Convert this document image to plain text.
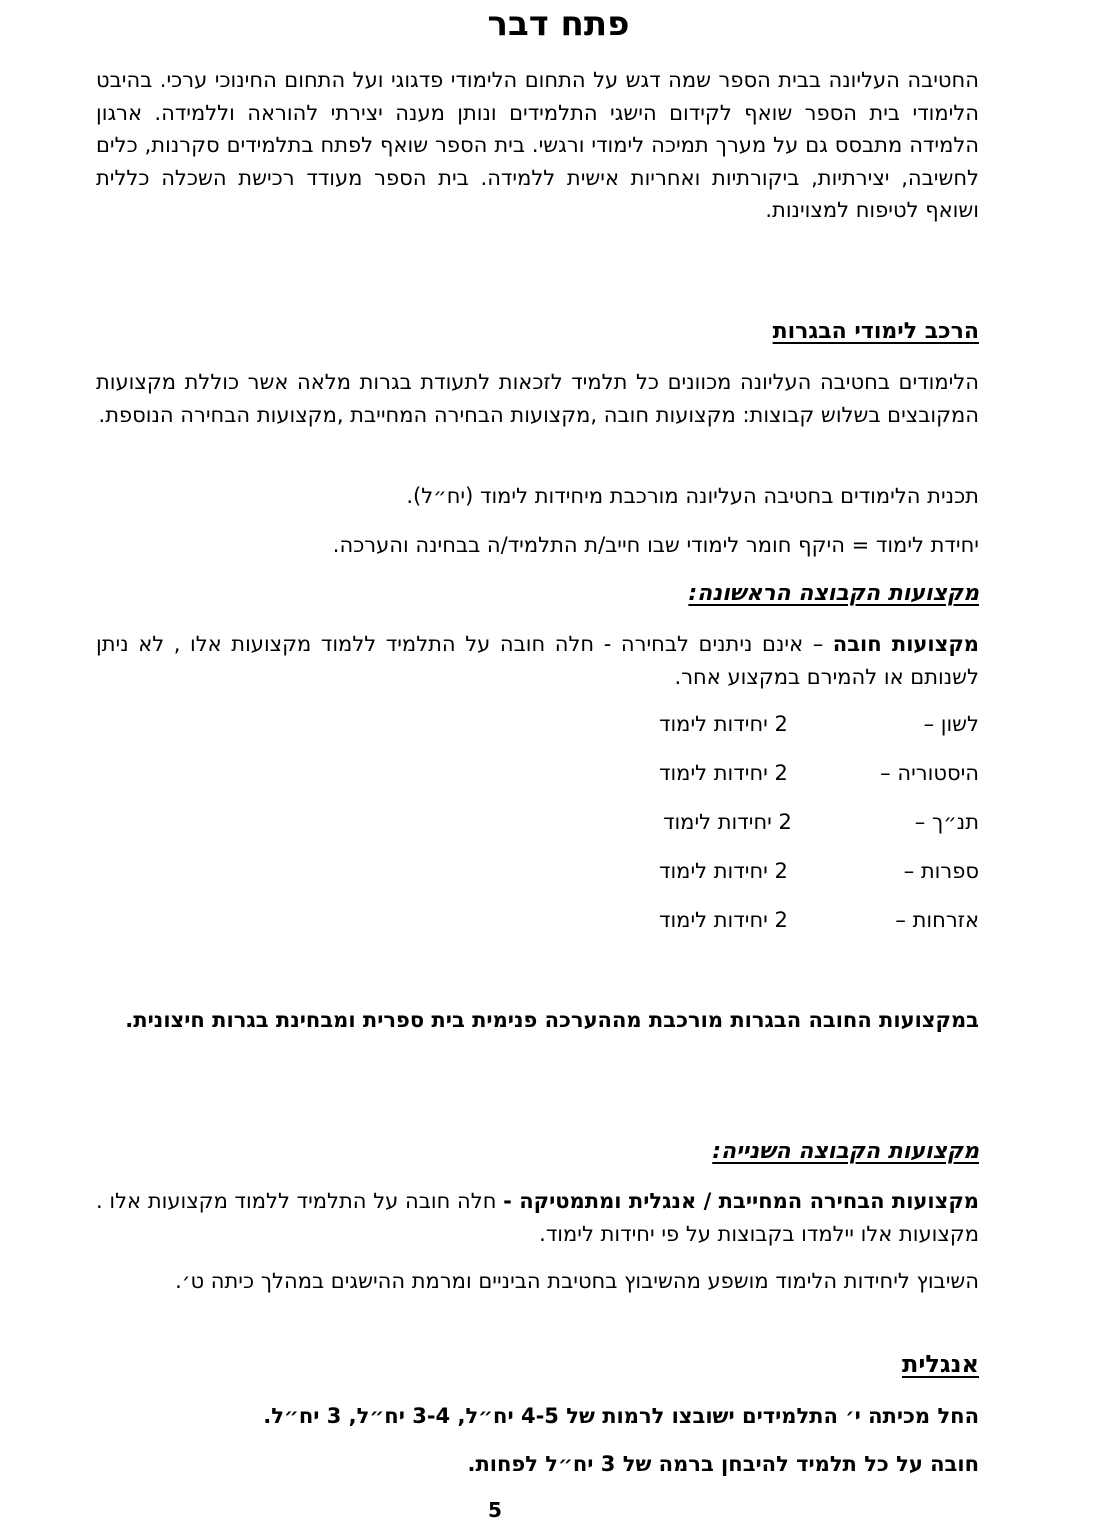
פתח דבר
החטיבה העליונה בבית הספר שמה דגש על התחום הלימודי פדגוגי ועל התחום החינוכי ערכי. בהיבט הלימודי בית הספר שואף לקידום הישגי התלמידים ונותן מענה יצירתי להוראה וללמידה. ארגון הלמידה מתבסס גם על מערך תמיכה לימודי ורגשי. בית הספר שואף לפתח בתלמידים סקרנות, כלים לחשיבה, יצירתיות, ביקורתיות ואחריות אישית ללמידה. בית הספר מעודד רכישת השכלה כללית ושואף לטיפוח למצוינות.
הרכב לימודי הבגרות
הלימודים בחטיבה העליונה מכוונים כל תלמיד לזכאות לתעודת בגרות מלאה אשר כוללת מקצועות המקובצים בשלוש קבוצות: מקצועות חובה ,מקצועות הבחירה המחייבת ,מקצועות הבחירה הנוספת.
תכנית הלימודים בחטיבה העליונה מורכבת מיחידות לימוד (יח״ל).
יחידת לימוד = היקף חומר לימודי שבו חייב/ת התלמיד/ה בבחינה והערכה.
מקצועות הקבוצה הראשונה:
מקצועות חובה – אינם ניתנים לבחירה - חלה חובה על התלמיד ללמוד מקצועות אלו , לא ניתן לשנותם או להמירם במקצוע אחר.
לשון –
2 יחידות לימוד
היסטוריה –
2 יחידות לימוד
תנ״ך –
2 יחידות לימוד
ספרות –
2 יחידות לימוד
אזרחות –
2 יחידות לימוד
במקצועות החובה הבגרות מורכבת מההערכה פנימית בית ספרית ומבחינת בגרות חיצונית.
מקצועות הקבוצה השנייה:
מקצועות הבחירה המחייבת / אנגלית ומתמטיקה - חלה חובה על התלמיד ללמוד מקצועות אלו . מקצועות אלו יילמדו בקבוצות על פי יחידות לימוד.
השיבוץ ליחידות הלימוד מושפע מהשיבוץ בחטיבת הביניים ומרמת ההישגים במהלך כיתה ט׳.
אנגלית
החל מכיתה י׳ התלמידים ישובצו לרמות של 4-5 יח״ל, 3-4 יח״ל, 3 יח״ל.
חובה על כל תלמיד להיבחן ברמה של 3 יח״ל לפחות.
5
